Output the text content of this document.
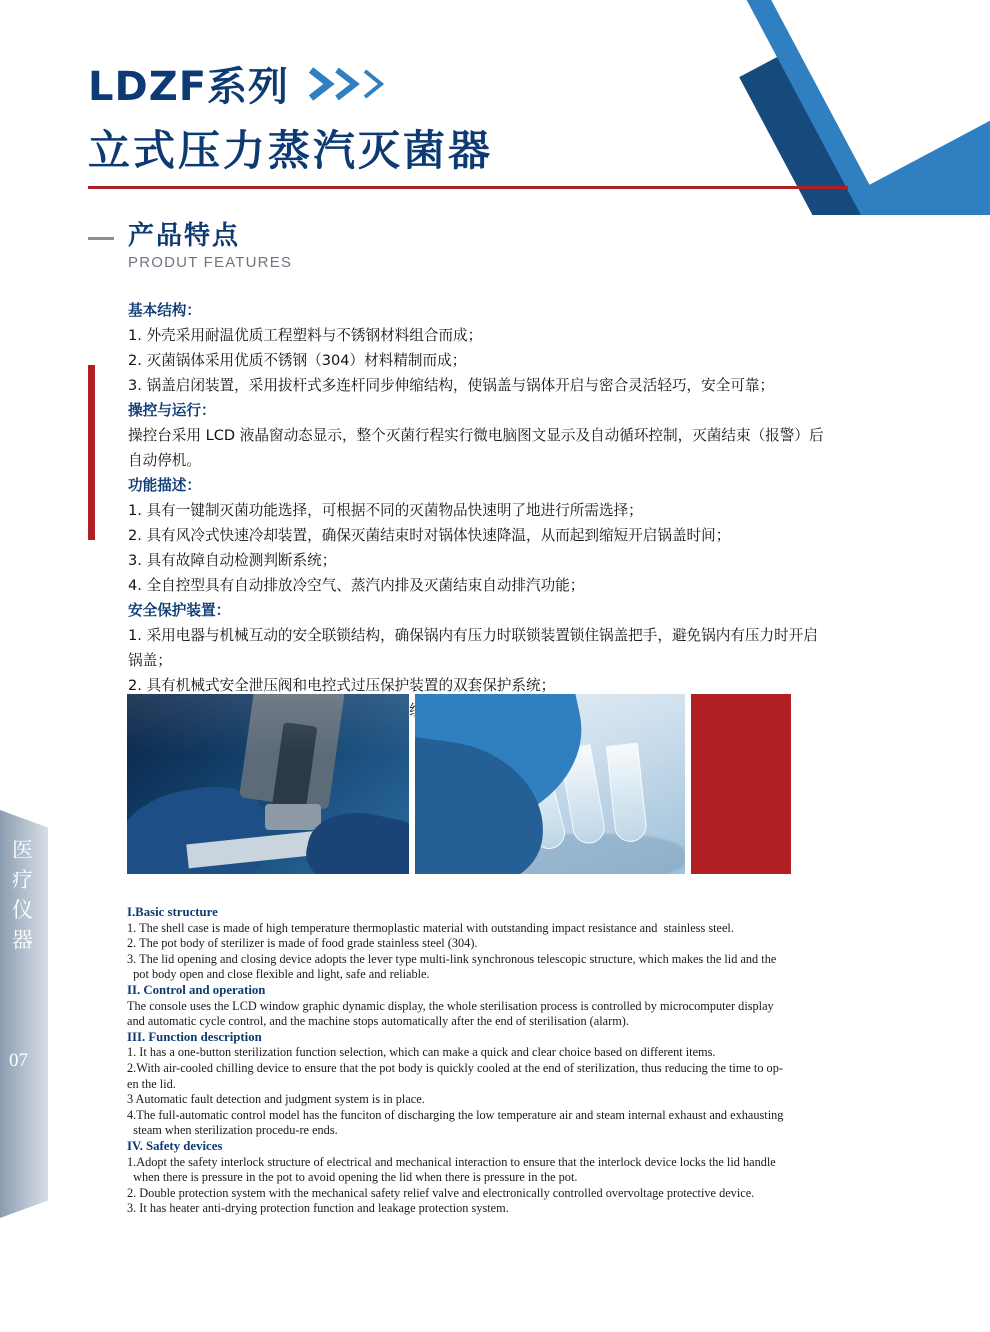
医疗仪器
07
LDZF系列
立式压力蒸汽灭菌器
产品特点
PRODUT FEATURES
基本结构：
1. 外壳采用耐温优质工程塑料与不锈钢材料组合而成；
2. 灭菌锅体采用优质不锈钢（304）材料精制而成；
3. 锅盖启闭装置，采用拔杆式多连杆同步伸缩结构，使锅盖与锅体开启与密合灵活轻巧，安全可靠；
操控与运行：
操控台采用 LCD 液晶窗动态显示，整个灭菌行程实行微电脑图文显示及自动循环控制，灭菌结束（报警）后
自动停机。
功能描述：
1. 具有一键制灭菌功能选择，可根据不同的灭菌物品快速明了地进行所需选择；
2. 具有风冷式快速冷却装置，确保灭菌结束时对锅体快速降温，从而起到缩短开启锅盖时间；
3. 具有故障自动检测判断系统；
4. 全自控型具有自动排放冷空气、蒸汽内排及灭菌结束自动排汽功能；
安全保护装置：
1. 采用电器与机械互动的安全联锁结构，确保锅内有压力时联锁装置锁住锅盖把手，避免锅内有压力时开启
锅盖；
2. 具有机械式安全泄压阀和电控式过压保护装置的双套保护系统；
I.Basic structure
1. The shell case is made of high temperature thermoplastic material with outstanding impact resistance and  stainless steel.
2. The pot body of sterilizer is made of food grade stainless steel (304).
3. The lid opening and closing device adopts the lever type multi-link synchronous telescopic structure, which makes the lid and the
pot body open and close flexible and light, safe and reliable.
II. Control and operation
The console uses the LCD window graphic dynamic display, the whole sterilisation process is controlled by microcomputer display
and automatic cycle control, and the machine stops automatically after the end of sterilisation (alarm).
III. Function description
1. It has a one-button sterilization function selection, which can make a quick and clear choice based on different items.
2.With air-cooled chilling device to ensure that the pot body is quickly cooled at the end of sterilization, thus reducing the time to op-
en the lid.
3 Automatic fault detection and judgment system is in place.
4.The full-automatic control model has the funciton of discharging the low temperature air and steam internal exhaust and exhausting
steam when sterilization procedu-re ends.
IV. Safety devices
1.Adopt the safety interlock structure of electrical and mechanical interaction to ensure that the interlock device locks the lid handle
when there is pressure in the pot to avoid opening the lid when there is pressure in the pot.
2. Double protection system with the mechanical safety relief valve and electronically controlled overvoltage protective device.
3. It has heater anti-drying protection function and leakage protection system.
